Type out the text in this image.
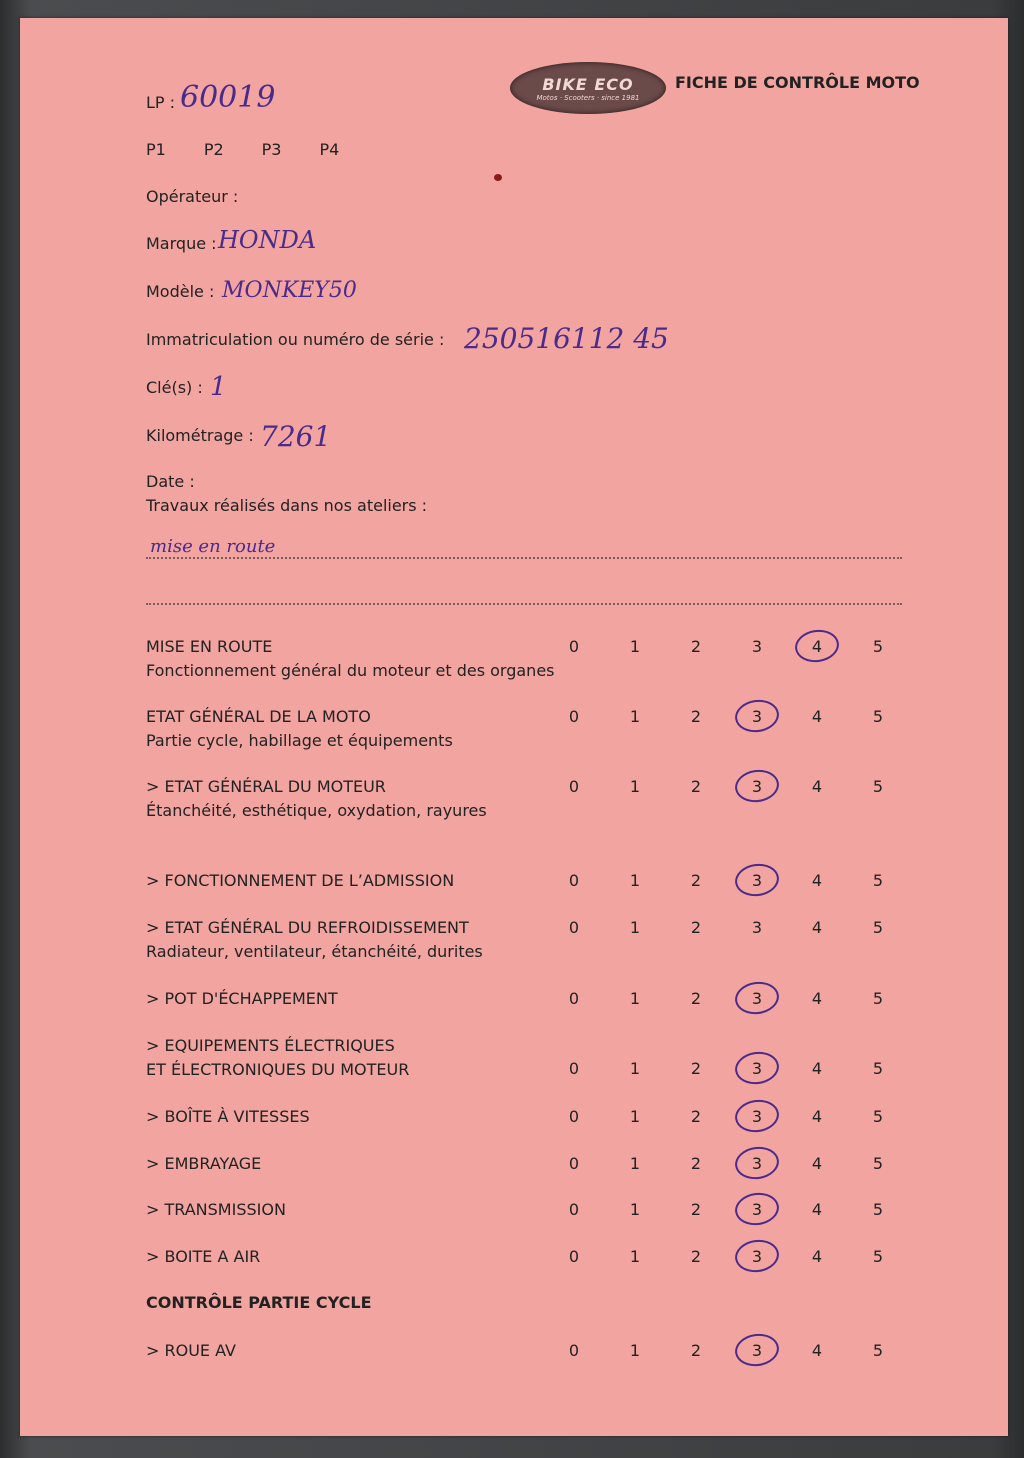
BIKE ECO
Motos · Scooters · since 1981
FICHE DE CONTRÔLE MOTO
LP : 60019
P1 P2 P3 P4
Opérateur :
Marque : HONDA
Modèle : MONKEY50
Immatriculation ou numéro de série : 250516112 45
Clé(s) : 1
Kilométrage : 7261
Date :
Travaux réalisés dans nos ateliers :
mise en route
MISE EN ROUTE
Fonctionnement général du moteur et des organes
0	1	2	3	4	5
ETAT GÉNÉRAL DE LA MOTO
Partie cycle, habillage et équipements
0	1	2	3	4	5
> ETAT GÉNÉRAL DU MOTEUR
Étanchéité, esthétique, oxydation, rayures
0	1	2	3	4	5
> FONCTIONNEMENT DE L’ADMISSION	0	1	2	3	4	5
> ETAT GÉNÉRAL DU REFROIDISSEMENT
Radiateur, ventilateur, étanchéité, durites
0	1	2	3	4	5
> POT D'ÉCHAPPEMENT	0	1	2	3	4	5
> EQUIPEMENTS ÉLECTRIQUES
ET ÉLECTRONIQUES DU MOTEUR	0	1	2	3	4	5
> BOÎTE À VITESSES	0	1	2	3	4	5
> EMBRAYAGE	0	1	2	3	4	5
> TRANSMISSION	0	1	2	3	4	5
> BOITE A AIR	0	1	2	3	4	5
> ROUE AV	0	1	2	3	4	5
CONTRÔLE PARTIE CYCLE
